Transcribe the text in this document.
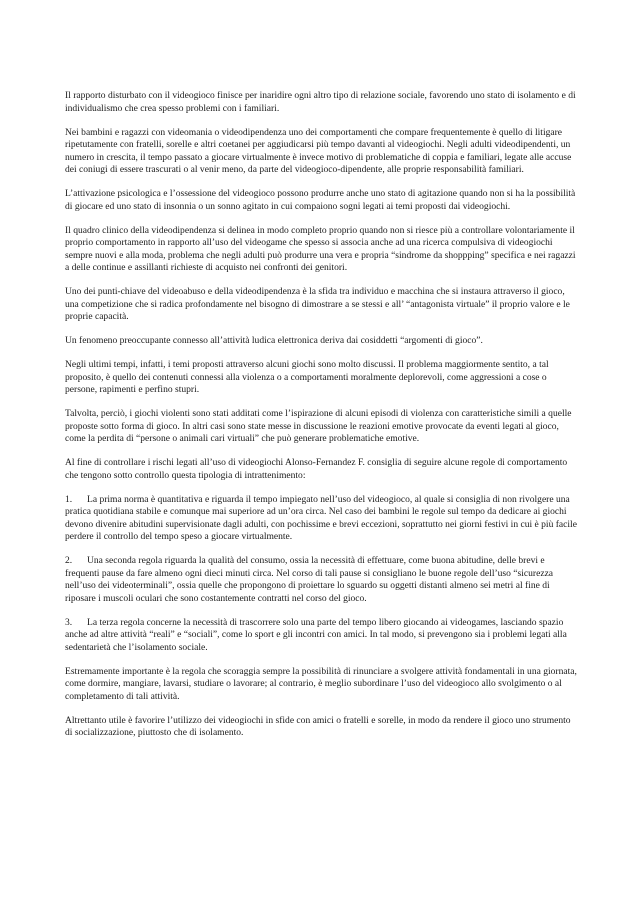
Il rapporto disturbato con il videogioco finisce per inaridire ogni altro tipo di relazione sociale, favorendo uno stato di isolamento e di individualismo che crea spesso problemi con i familiari.

Nei bambini e ragazzi con videomania o videodipendenza uno dei comportamenti che compare frequentemente è quello di litigare ripetutamente con fratelli, sorelle e altri coetanei per aggiudicarsi più tempo davanti al videogiochi. Negli adulti videodipendenti, un numero in crescita, il tempo passato a giocare virtualmente è invece motivo di problematiche di coppia e familiari, legate alle accuse dei coniugi di essere trascurati o al venir meno, da parte del videogioco-dipendente, alle proprie responsabilità familiari.

L’attivazione psicologica e l’ossessione del videogioco possono produrre anche uno stato di agitazione quando non si ha la possibilità di giocare ed uno stato di insonnia o un sonno agitato in cui compaiono sogni legati ai temi proposti dai videogiochi.

Il quadro clinico della videodipendenza si delinea in modo completo proprio quando non si riesce più a controllare volontariamente il proprio comportamento in rapporto all’uso del videogame che spesso si associa anche ad una ricerca compulsiva di videogiochi sempre nuovi e alla moda, problema che negli adulti può produrre una vera e propria “sindrome da shoppping” specifica e nei ragazzi a delle continue e assillanti richieste di acquisto nei confronti dei genitori.

Uno dei punti-chiave del videoabuso e della videodipendenza è la sfida tra individuo e macchina che si instaura attraverso il gioco, una competizione che si radica profondamente nel bisogno di dimostrare a se stessi e all’ “antagonista virtuale” il proprio valore e le proprie capacità.

Un fenomeno preoccupante connesso all’attività ludica elettronica deriva dai cosiddetti “argomenti di gioco”.

Negli ultimi tempi, infatti, i temi proposti attraverso alcuni giochi sono molto discussi. Il problema maggiormente sentito, a tal proposito, è quello dei contenuti connessi alla violenza o a comportamenti moralmente deplorevoli, come aggressioni a cose o persone, rapimenti e perfino stupri.

Talvolta, perciò, i giochi violenti sono stati additati come l’ispirazione di alcuni episodi di violenza con caratteristiche simili a quelle proposte sotto forma di gioco. In altri casi sono state messe in discussione le reazioni emotive provocate da eventi legati al gioco, come la perdita di “persone o animali cari virtuali” che può generare problematiche emotive.

Al fine di controllare i rischi legati all’uso di videogiochi Alonso-Fernandez F. consiglia di seguire alcune regole di comportamento che tengono sotto controllo questa tipologia di intrattenimento:

1. La prima norma è quantitativa e riguarda il tempo impiegato nell’uso del videogioco, al quale si consiglia di non rivolgere una pratica quotidiana stabile e comunque mai superiore ad un’ora circa. Nel caso dei bambini le regole sul tempo da dedicare ai giochi devono divenire abitudini supervisionate dagli adulti, con pochissime e brevi eccezioni, soprattutto nei giorni festivi in cui è più facile perdere il controllo del tempo speso a giocare virtualmente.

2. Una seconda regola riguarda la qualità del consumo, ossia la necessità di effettuare, come buona abitudine, delle brevi e frequenti pause da fare almeno ogni dieci minuti circa. Nel corso di tali pause si consigliano le buone regole dell’uso “sicurezza nell’uso dei videoterminali”, ossia quelle che propongono di proiettare lo sguardo su oggetti distanti almeno sei metri al fine di riposare i muscoli oculari che sono costantemente contratti nel corso del gioco.

3. La terza regola concerne la necessità di trascorrere solo una parte del tempo libero giocando ai videogames, lasciando spazio anche ad altre attività “reali” e “sociali”, come lo sport e gli incontri con amici. In tal modo, si prevengono sia i problemi legati alla sedentarietà che l’isolamento sociale.

Estremamente importante è la regola che scoraggia sempre la possibilità di rinunciare a svolgere attività fondamentali in una giornata, come dormire, mangiare, lavarsi, studiare o lavorare; al contrario, è meglio subordinare l’uso del videogioco allo svolgimento o al completamento di tali attività.

Altrettanto utile è favorire l’utilizzo dei videogiochi in sfide con amici o fratelli e sorelle, in modo da rendere il gioco uno strumento di socializzazione, piuttosto che di isolamento.
